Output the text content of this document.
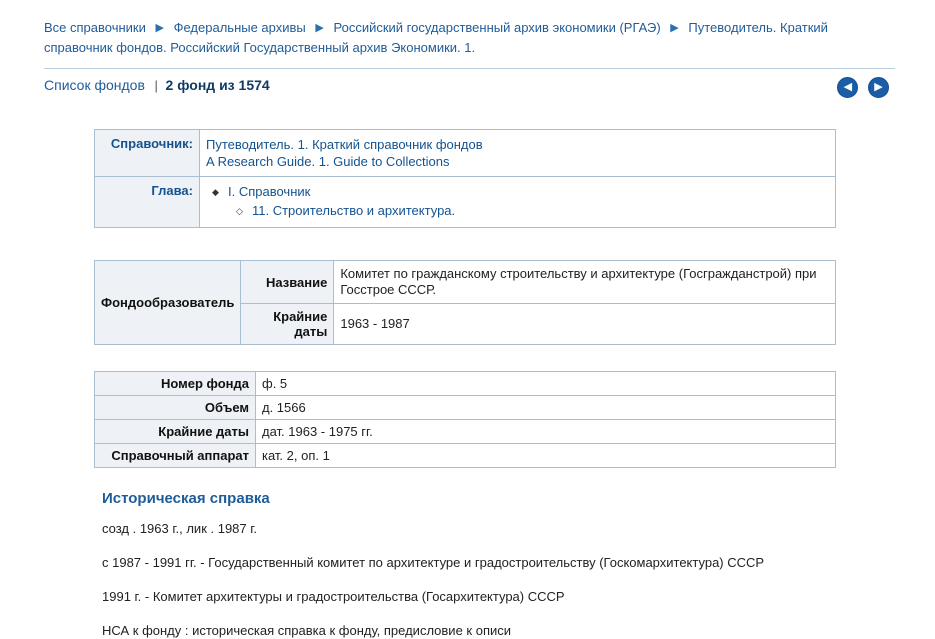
Все справочники ▶ Федеральные архивы ▶ Российский государственный архив экономики (РГАЭ) ▶ Путеводитель. Краткий справочник фондов. Российский Государственный архив Экономики. 1.
Список фондов | 2 фонд из 1574	◀ ▶
Справочник:	Путеводитель. 1. Краткий справочник фондов
A Research Guide. 1. Guide to Collections

Глава:	
◆I. Справочник
◇ 11. Строительство и архитектура.
Фондообразователь	Название	Комитет по гражданскому строительству и архитектуре (Госгражданстрой) при Госстрое СССР.
	Крайние даты	1963 - 1987
Номер фонда	ф. 5
Объем	д. 1566
Крайние даты	дат. 1963 - 1975 гг.
Справочный аппарат	кат. 2, оп. 1
Историческая справка

созд . 1963 г., лик . 1987 г.

с 1987 - 1991 гг. - Государственный комитет по архитектуре и градостроительству (Госкомархитектура) СССР

1991 г. - Комитет архитектуры и градостроительства (Госархитектура) СССР

НСА к фонду : историческая справка к фонду, предисловие к описи
